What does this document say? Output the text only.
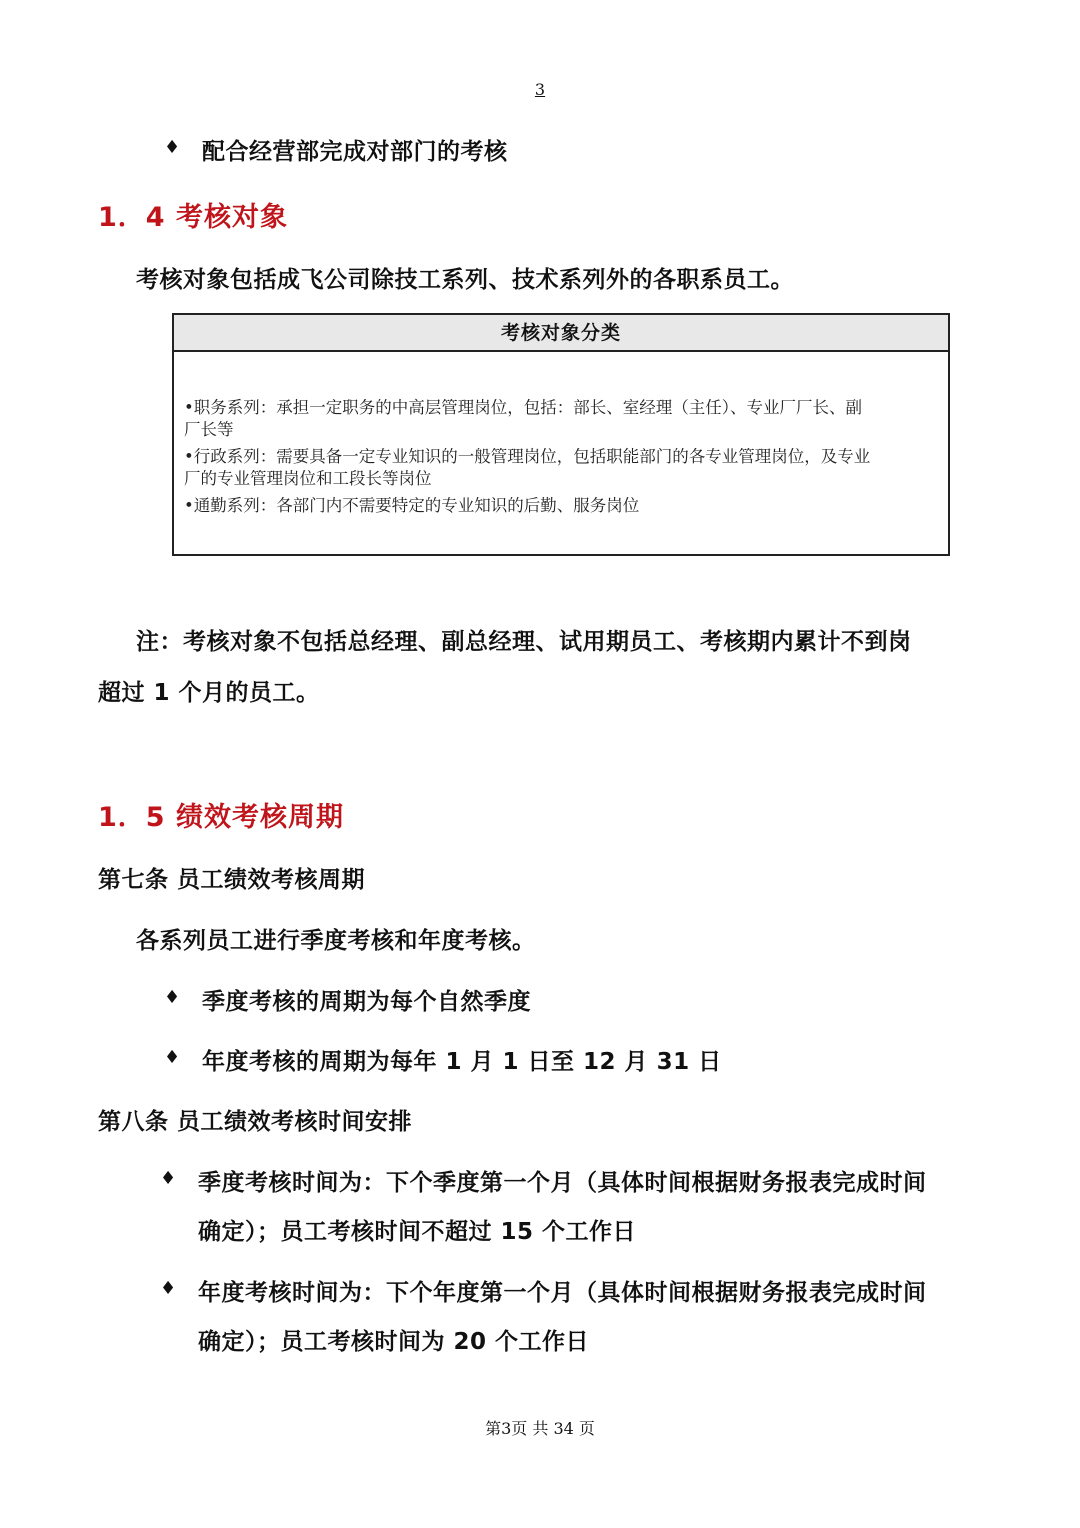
3
♦ 配合经营部完成对部门的考核
1．4 考核对象
考核对象包括成飞公司除技工系列、技术系列外的各职系员工。
考核对象分类
•职务系列：承担一定职务的中高层管理岗位，包括：部长、室经理（主任）、专业厂厂长、副
厂长等
•行政系列：需要具备一定专业知识的一般管理岗位，包括职能部门的各专业管理岗位，及专业
厂的专业管理岗位和工段长等岗位
•通勤系列：各部门内不需要特定的专业知识的后勤、服务岗位
注：考核对象不包括总经理、副总经理、试用期员工、考核期内累计不到岗
超过 1 个月的员工。
1．5 绩效考核周期
第七条 员工绩效考核周期
各系列员工进行季度考核和年度考核。
♦ 季度考核的周期为每个自然季度
♦ 年度考核的周期为每年 1 月 1 日至 12 月 31 日
第八条 员工绩效考核时间安排
♦ 季度考核时间为：下个季度第一个月（具体时间根据财务报表完成时间
确定）；员工考核时间不超过 15 个工作日
♦ 年度考核时间为：下个年度第一个月（具体时间根据财务报表完成时间
确定）；员工考核时间为 20 个工作日
第3页 共 34 页
